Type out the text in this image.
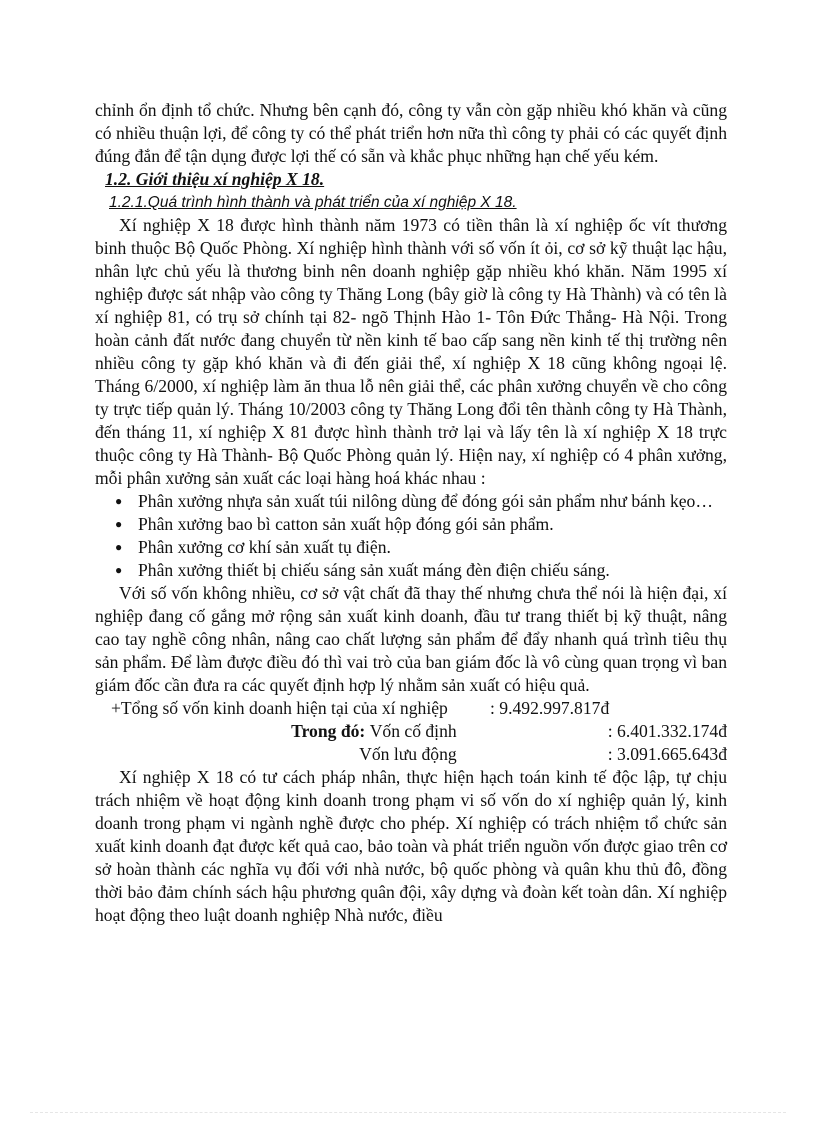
chỉnh ổn định tổ chức. Nhưng bên cạnh đó, công ty vẫn còn gặp nhiều khó khăn và cũng có nhiều thuận lợi, để công ty có thể phát triển hơn nữa thì công ty phải có các quyết định đúng đắn để tận dụng được lợi thế có sẵn và khắc phục những hạn chế yếu kém.

1.2. Giới thiệu xí nghiệp X 18.

1.2.1.Quá trình hình thành và phát triển của xí nghiệp X 18.

Xí nghiệp X 18 được hình thành năm 1973 có tiền thân là xí nghiệp ốc vít thương binh thuộc Bộ Quốc Phòng. Xí nghiệp hình thành với số vốn ít ỏi, cơ sở kỹ thuật lạc hậu, nhân lực chủ yếu là thương binh nên doanh nghiệp gặp nhiều khó khăn. Năm 1995 xí nghiệp được sát nhập vào công ty Thăng Long (bây giờ là công ty Hà Thành) và có tên là xí nghiệp 81, có trụ sở chính tại 82- ngõ Thịnh Hào 1- Tôn Đức Thắng- Hà Nội. Trong hoàn cảnh đất nước đang chuyển từ nền kinh tế bao cấp sang nền kinh tế thị trường nên nhiều công ty gặp khó khăn và đi đến giải thể, xí nghiệp X 18 cũng không ngoại lệ. Tháng 6/2000, xí nghiệp làm ăn thua lỗ nên giải thể, các phân xưởng chuyển về cho công ty trực tiếp quản lý. Tháng 10/2003 công ty Thăng Long đổi tên thành công ty Hà Thành, đến tháng 11, xí nghiệp X 81 được hình thành trở lại và lấy tên là xí nghiệp X 18 trực thuộc công ty Hà Thành- Bộ Quốc Phòng quản lý. Hiện nay, xí nghiệp có 4 phân xưởng, mỗi phân xưởng sản xuất các loại hàng hoá khác nhau :

● Phân xưởng nhựa sản xuất túi nilông dùng để đóng gói sản phẩm như bánh kẹo…
● Phân xưởng bao bì catton sản xuất hộp đóng gói sản phẩm.
● Phân xưởng cơ khí sản xuất tụ điện.
● Phân xưởng thiết bị chiếu sáng sản xuất máng đèn điện chiếu sáng.

Với số vốn không nhiều, cơ sở vật chất đã thay thế nhưng chưa thể nói là hiện đại, xí nghiệp đang cố gắng mở rộng sản xuất kinh doanh, đầu tư trang thiết bị kỹ thuật, nâng cao tay nghề công nhân, nâng cao chất lượng sản phẩm để đẩy nhanh quá trình tiêu thụ sản phẩm. Để làm được điều đó thì vai trò của ban giám đốc là vô cùng quan trọng vì ban giám đốc cần đưa ra các quyết định hợp lý nhằm sản xuất có hiệu quả.

+Tổng số vốn kinh doanh hiện tại của xí nghiệp	: 9.492.997.817đ
Trong đó: Vốn cố định	: 6.401.332.174đ
Vốn lưu động	: 3.091.665.643đ

Xí nghiệp X 18 có tư cách pháp nhân, thực hiện hạch toán kinh tế độc lập, tự chịu trách nhiệm về hoạt động kinh doanh trong phạm vi số vốn do xí nghiệp quản lý, kinh doanh trong phạm vi ngành nghề được cho phép. Xí nghiệp có trách nhiệm tổ chức sản xuất kinh doanh đạt được kết quả cao, bảo toàn và phát triển nguồn vốn được giao trên cơ sở hoàn thành các nghĩa vụ đối với nhà nước, bộ quốc phòng và quân khu thủ đô, đồng thời bảo đảm chính sách hậu phương quân đội, xây dựng và đoàn kết toàn dân. Xí nghiệp hoạt động theo luật doanh nghiệp Nhà nước, điều
